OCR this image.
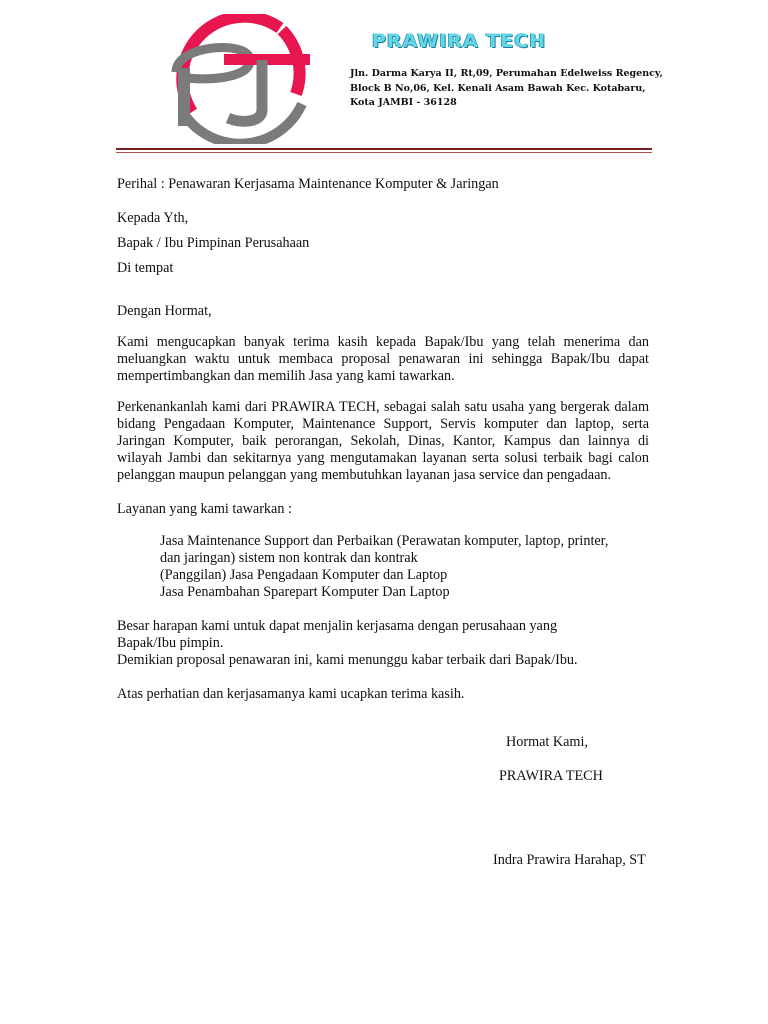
PRAWIRA TECH
Jln. Darma Karya II, Rt,09, Perumahan Edelweiss Regency,
Block B No,06, Kel. Kenali Asam Bawah Kec. Kotabaru,
Kota JAMBI - 36128

Perihal : Penawaran Kerjasama Maintenance Komputer & Jaringan

Kepada Yth,

Bapak / Ibu Pimpinan Perusahaan

Di tempat

Dengan Hormat,

Kami mengucapkan banyak terima kasih kepada Bapak/Ibu yang telah menerima dan meluangkan waktu untuk membaca proposal penawaran ini sehingga Bapak/Ibu dapat mempertimbangkan dan memilih Jasa yang kami tawarkan.

Perkenankanlah kami dari PRAWIRA TECH, sebagai salah satu usaha yang bergerak dalam bidang Pengadaan Komputer, Maintenance Support, Servis komputer dan laptop, serta Jaringan Komputer, baik perorangan, Sekolah, Dinas, Kantor, Kampus dan lainnya di wilayah Jambi dan sekitarnya yang mengutamakan layanan serta solusi terbaik bagi calon pelanggan maupun pelanggan yang membutuhkan layanan jasa service dan pengadaan.

Layanan yang kami tawarkan :

Jasa Maintenance Support dan Perbaikan (Perawatan komputer, laptop, printer,
dan jaringan) sistem non kontrak dan kontrak
(Panggilan) Jasa Pengadaan Komputer dan Laptop
Jasa Penambahan Sparepart Komputer Dan Laptop

Besar harapan kami untuk dapat menjalin kerjasama dengan perusahaan yang

Bapak/Ibu pimpin.

Demikian proposal penawaran ini, kami menunggu kabar terbaik dari Bapak/Ibu.

Atas perhatian dan kerjasamanya kami ucapkan terima kasih.

Hormat Kami,
PRAWIRA TECH
Indra Prawira Harahap, ST
